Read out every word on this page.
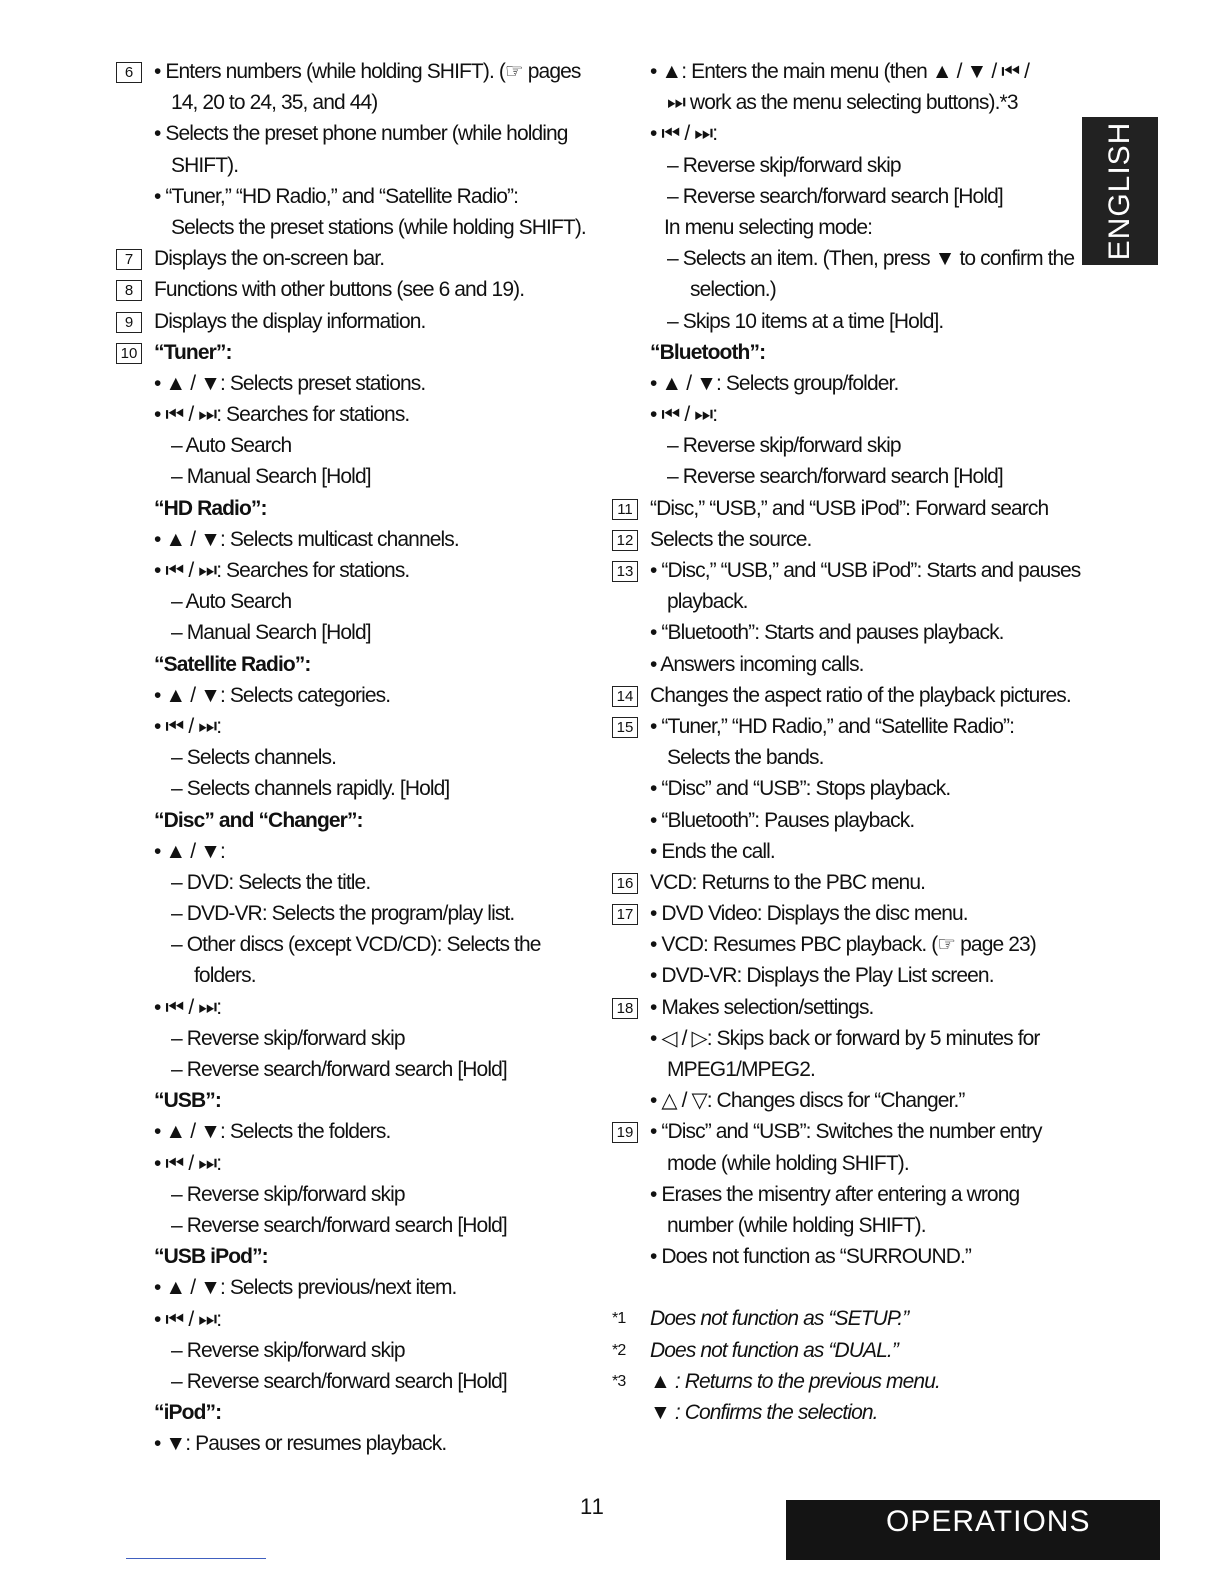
6 • Enters numbers (while holding SHIFT). (☞ pages
14, 20 to 24, 35, and 44)
• Selects the preset phone number (while holding
SHIFT).
• “Tuner,” “HD Radio,” and “Satellite Radio”:
Selects the preset stations (while holding SHIFT).
7 Displays the on-screen bar.
8 Functions with other buttons (see 6 and 19).
9 Displays the display information.
10 “Tuner”:
• ▲ / ▼: Selects preset stations.
• ⏮ / ⏭: Searches for stations.
– Auto Search
– Manual Search [Hold]
“HD Radio”:
• ▲ / ▼: Selects multicast channels.
• ⏮ / ⏭: Searches for stations.
– Auto Search
– Manual Search [Hold]
“Satellite Radio”:
• ▲ / ▼: Selects categories.
• ⏮ / ⏭:
– Selects channels.
– Selects channels rapidly. [Hold]
“Disc” and “Changer”:
• ▲ / ▼:
– DVD: Selects the title.
– DVD-VR: Selects the program/play list.
– Other discs (except VCD/CD): Selects the
folders.
• ⏮ / ⏭:
– Reverse skip/forward skip
– Reverse search/forward search [Hold]
“USB”:
• ▲ / ▼: Selects the folders.
• ⏮ / ⏭:
– Reverse skip/forward skip
– Reverse search/forward search [Hold]
“USB iPod”:
• ▲ / ▼: Selects previous/next item.
• ⏮ / ⏭:
– Reverse skip/forward skip
– Reverse search/forward search [Hold]
“iPod”:
• ▼: Pauses or resumes playback.
• ▲: Enters the main menu (then ▲ / ▼ / ⏮ /
⏭ work as the menu selecting buttons).*3
• ⏮ / ⏭:
– Reverse skip/forward skip
– Reverse search/forward search [Hold]
In menu selecting mode:
– Selects an item. (Then, press ▼ to confirm the
selection.)
– Skips 10 items at a time [Hold].
“Bluetooth”:
• ▲ / ▼: Selects group/folder.
• ⏮ / ⏭:
– Reverse skip/forward skip
– Reverse search/forward search [Hold]
11 “Disc,” “USB,” and “USB iPod”: Forward search
12 Selects the source.
13 • “Disc,” “USB,” and “USB iPod”: Starts and pauses
playback.
• “Bluetooth”: Starts and pauses playback.
• Answers incoming calls.
14 Changes the aspect ratio of the playback pictures.
15 • “Tuner,” “HD Radio,” and “Satellite Radio”:
Selects the bands.
• “Disc” and “USB”: Stops playback.
• “Bluetooth”: Pauses playback.
• Ends the call.
16 VCD: Returns to the PBC menu.
17 • DVD Video: Displays the disc menu.
• VCD: Resumes PBC playback. (☞ page 23)
• DVD-VR: Displays the Play List screen.
18 • Makes selection/settings.
• ◁ / ▷: Skips back or forward by 5 minutes for
MPEG1/MPEG2.
• △ / ▽: Changes discs for “Changer.”
19 • “Disc” and “USB”: Switches the number entry
mode (while holding SHIFT).
• Erases the misentry after entering a wrong
number (while holding SHIFT).
• Does not function as “SURROUND.”
*1 Does not function as “SETUP.”
*2 Does not function as “DUAL.”
*3 ▲ : Returns to the previous menu.
▼ : Confirms the selection.
ENGLISH
11	OPERATIONS
